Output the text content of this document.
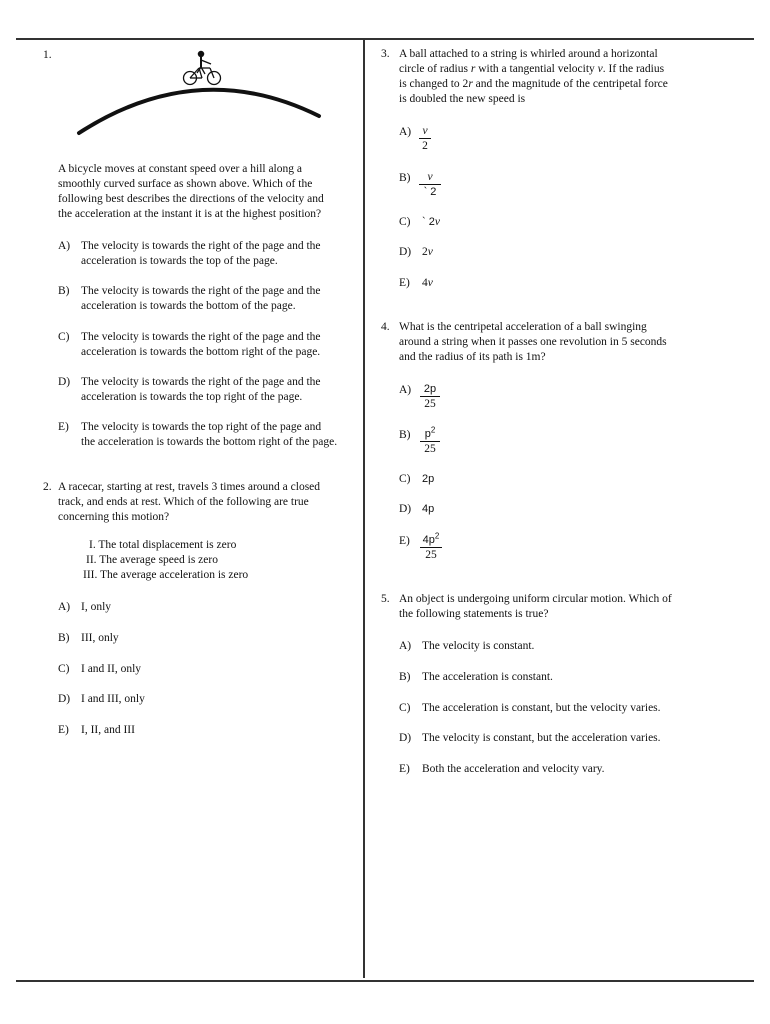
1.
A bicycle moves at constant speed over a hill along a
smoothly curved surface as shown above. Which of the
following best describes the directions of the velocity and
the acceleration at the instant it is at the highest position?
A) The velocity is towards the right of the page and the
acceleration is towards the top of the page.
B) The velocity is towards the right of the page and the
acceleration is towards the bottom of the page.
C) The velocity is towards the right of the page and the
acceleration is towards the bottom right of the page.
D) The velocity is towards the right of the page and the
acceleration is towards the top right of the page.
E) The velocity is towards the top right of the page and
the acceleration is towards the bottom right of the page.
2. A racecar, starting at rest, travels 3 times around a closed
track, and ends at rest. Which of the following are true
concerning this motion?
I. The total displacement is zero
II. The average speed is zero
III. The average acceleration is zero
A) I, only
B) III, only
C) I and II, only
D) I and III, only
E) I, II, and III
3. A ball attached to a string is whirled around a horizontal
circle of radius r with a tangential velocity v. If the radius
is changed to 2r and the magnitude of the centripetal force
is doubled the new speed is
$A) \frac{v}{2}$
$B) \frac{v}{` 2}$
C) ` 2v
D) 2v
E) 4v
4. What is the centripetal acceleration of a ball swinging
around a string when it passes one revolution in 5 seconds
and the radius of its path is 1m?
$A) \frac{2p}{25}$
$B) \frac{p^2}{25}$
C) 2p
D) 4p
$E) \frac{4p^2}{25}$
5. An object is undergoing uniform circular motion. Which of
the following statements is true?
A) The velocity is constant.
B) The acceleration is constant.
C) The acceleration is constant, but the velocity varies.
D) The velocity is constant, but the acceleration varies.
E) Both the acceleration and velocity vary.
